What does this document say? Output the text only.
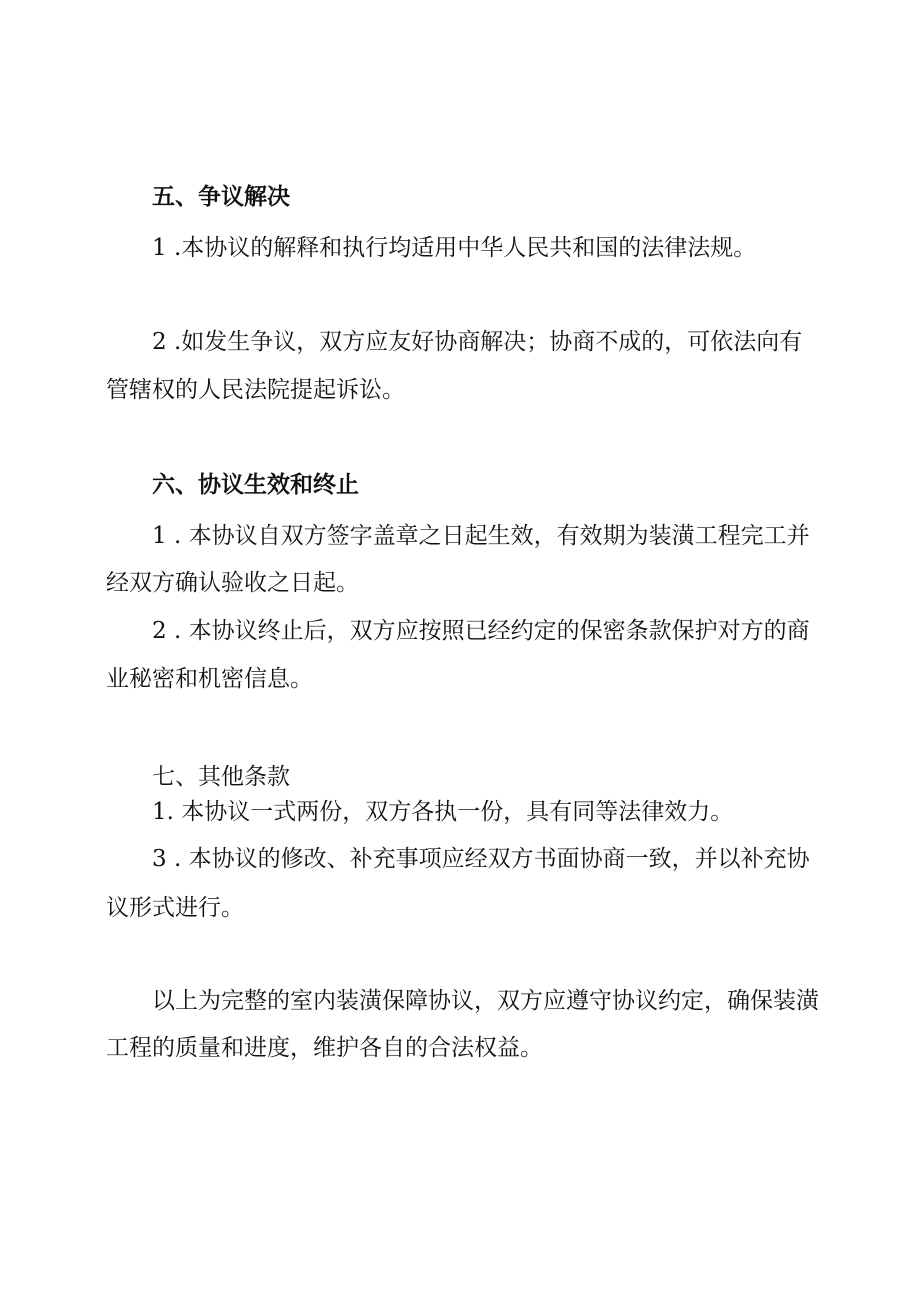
五、争议解决
1 .本协议的解释和执行均适用中华人民共和国的法律法规。
2 .如发生争议，双方应友好协商解决；协商不成的，可依法向有
管辖权的人民法院提起诉讼。
六、协议生效和终止
1 . 本协议自双方签字盖章之日起生效，有效期为装潢工程完工并
经双方确认验收之日起。
2 . 本协议终止后，双方应按照已经约定的保密条款保护对方的商
业秘密和机密信息。
七、其他条款
1. 本协议一式两份，双方各执一份，具有同等法律效力。
3 . 本协议的修改、补充事项应经双方书面协商一致，并以补充协
议形式进行。
以上为完整的室内装潢保障协议，双方应遵守协议约定，确保装潢
工程的质量和进度，维护各自的合法权益。
